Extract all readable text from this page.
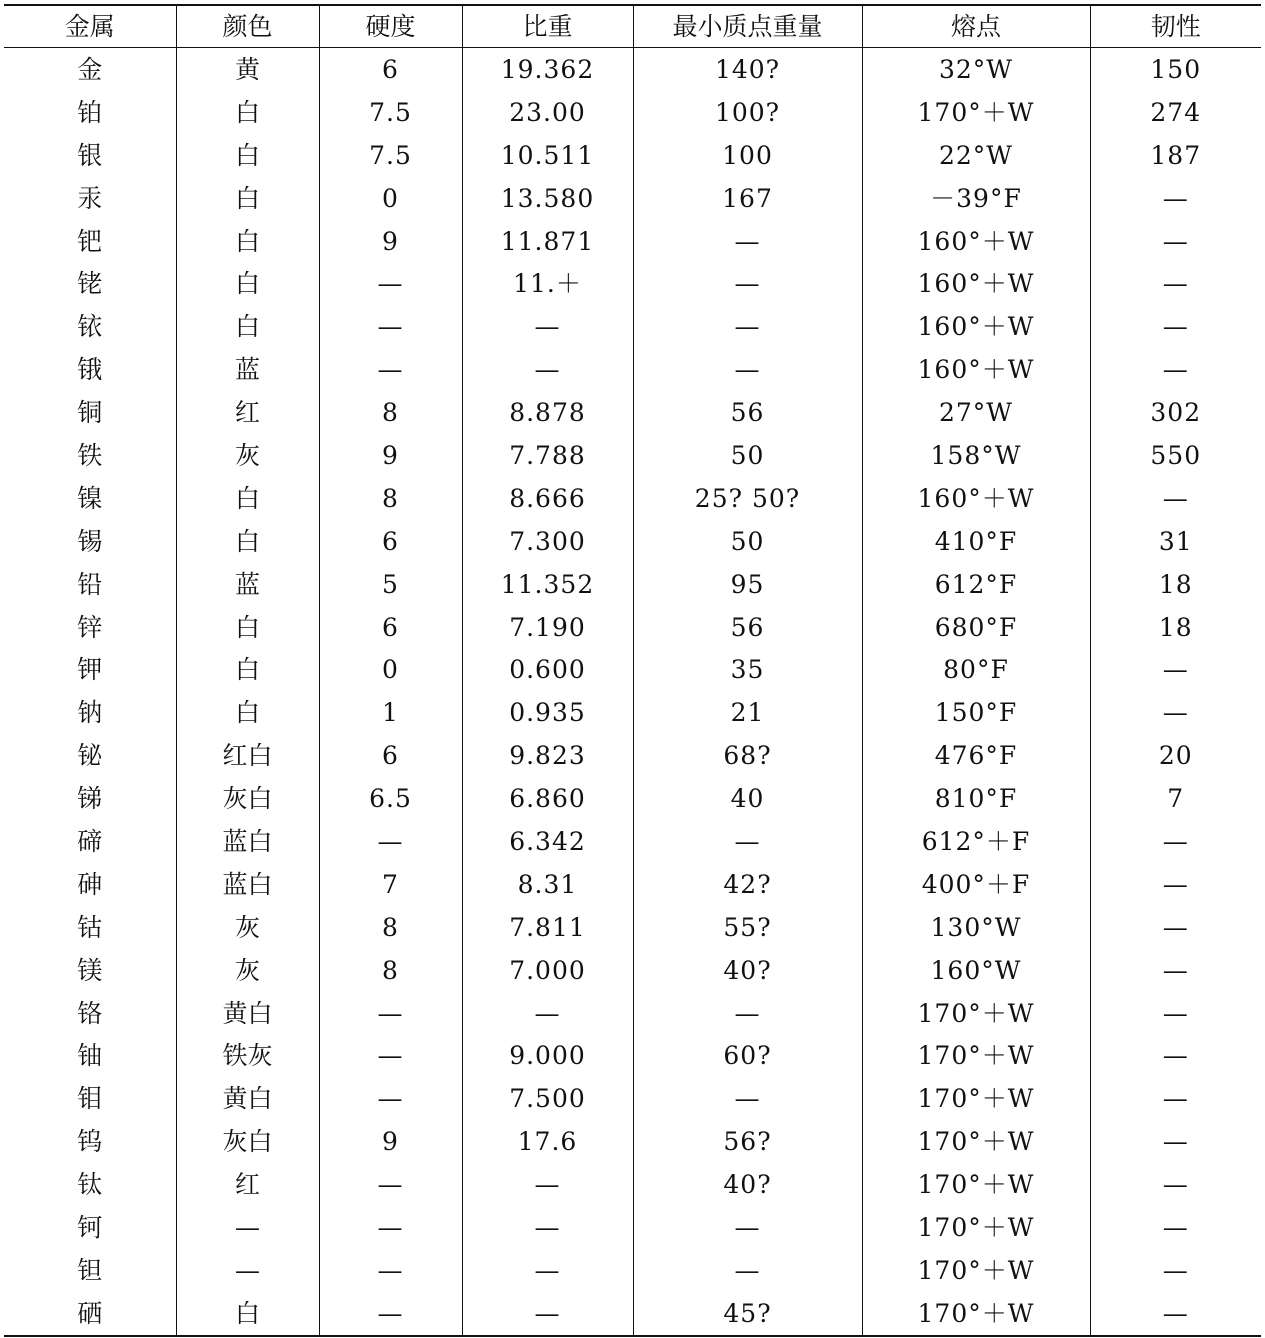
金属	颜色	硬度	比重	最小质点重量	熔点	韧性
金	黄	6	19.362	140?	32°W	150
铂	白	7.5	23.00	100?	170°＋W	274
银	白	7.5	10.511	100	22°W	187
汞	白	0	13.580	167	－39°F	—
钯	白	9	11.871	—	160°＋W	—
铑	白	—	11.＋	—	160°＋W	—
铱	白	—	—	—	160°＋W	—
锇	蓝	—	—	—	160°＋W	—
铜	红	8	8.878	56	27°W	302
铁	灰	9	7.788	50	158°W	550
镍	白	8	8.666	25? 50?	160°＋W	—
锡	白	6	7.300	50	410°F	31
铅	蓝	5	11.352	95	612°F	18
锌	白	6	7.190	56	680°F	18
钾	白	0	0.600	35	80°F	—
钠	白	1	0.935	21	150°F	—
铋	红白	6	9.823	68?	476°F	20
锑	灰白	6.5	6.860	40	810°F	7
碲	蓝白	—	6.342	—	612°＋F	—
砷	蓝白	7	8.31	42?	400°＋F	—
钴	灰	8	7.811	55?	130°W	—
镁	灰	8	7.000	40?	160°W	—
铬	黄白	—	—	—	170°＋W	—
铀	铁灰	—	9.000	60?	170°＋W	—
钼	黄白	—	7.500	—	170°＋W	—
钨	灰白	9	17.6	56?	170°＋W	—
钛	红	—	—	40?	170°＋W	—
钶	—	—	—	—	170°＋W	—
钽	—	—	—	—	170°＋W	—
硒	白	—	—	45?	170°＋W	—
